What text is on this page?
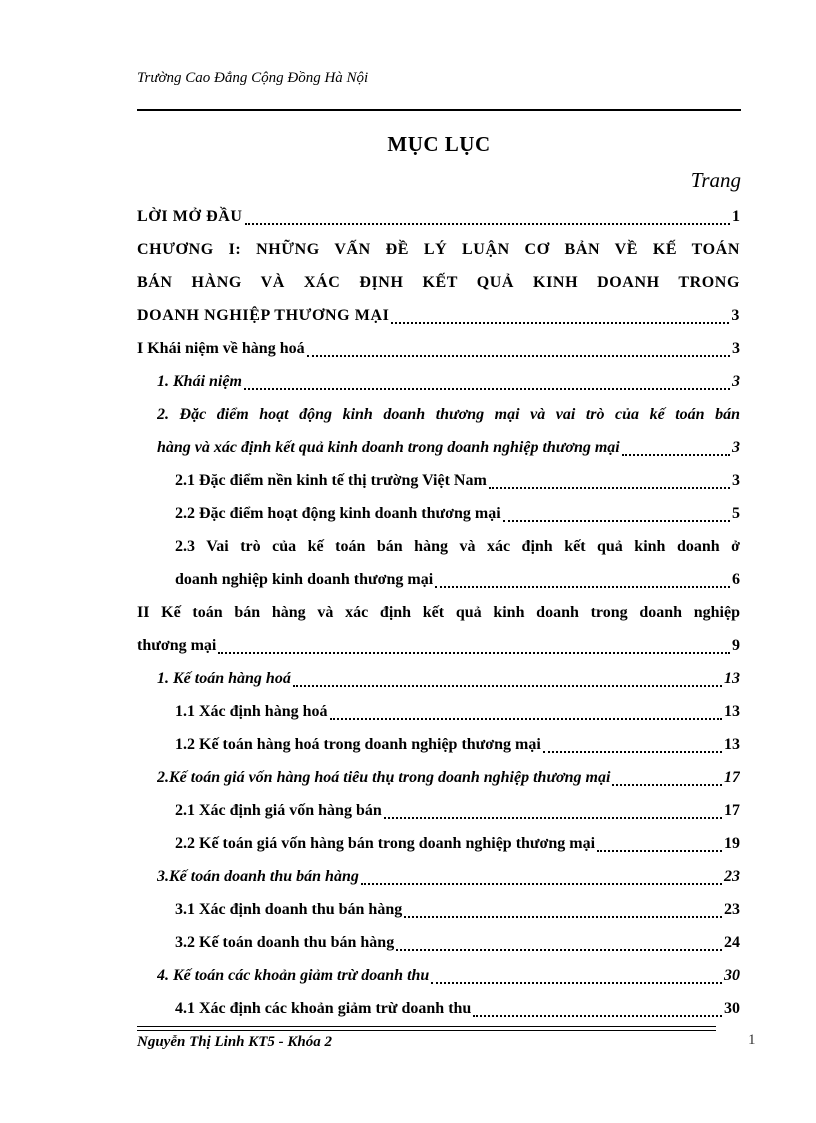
Trường Cao Đẳng Cộng Đồng Hà Nội
MỤC LỤC
Trang
LỜI MỞ ĐẦU	1
CHƯƠNG I: NHỮNG VẤN ĐỀ LÝ LUẬN CƠ BẢN VỀ KẾ TOÁN
BÁN HÀNG VÀ XÁC ĐỊNH KẾT QUẢ KINH DOANH TRONG
DOANH NGHIỆP THƯƠNG MẠI	3
I Khái niệm về hàng hoá	3
1. Khái niệm	3
2. Đặc điểm hoạt động kinh doanh thương mại và vai trò của kế toán bán
hàng và xác định kết quả kinh doanh trong doanh nghiệp thương mại	3
2.1 Đặc điểm nền kinh tế thị trường Việt Nam	3
2.2 Đặc điểm hoạt động kinh doanh thương mại	5
2.3 Vai trò của kế toán bán hàng và xác định kết quả kinh doanh ở
doanh nghiệp kinh doanh thương mại	6
II Kế toán bán hàng và xác định kết quả kinh doanh trong doanh nghiệp
thương mại	9
1. Kế toán hàng hoá	13
1.1 Xác định hàng hoá	13
1.2 Kế toán hàng hoá trong doanh nghiệp thương mại	13
2.Kế toán giá vốn hàng hoá tiêu thụ trong doanh nghiệp thương mại	17
2.1 Xác định giá vốn hàng bán	17
2.2 Kế toán giá vốn hàng bán trong doanh nghiệp thương mại	19
3.Kế toán doanh thu bán hàng	23
3.1 Xác định doanh thu bán hàng	23
3.2 Kế toán doanh thu bán hàng	24
4. Kế toán các khoản giảm trừ doanh thu	30
4.1 Xác định các khoản giảm trừ doanh thu	30
Nguyễn Thị Linh KT5 - Khóa 2	1
